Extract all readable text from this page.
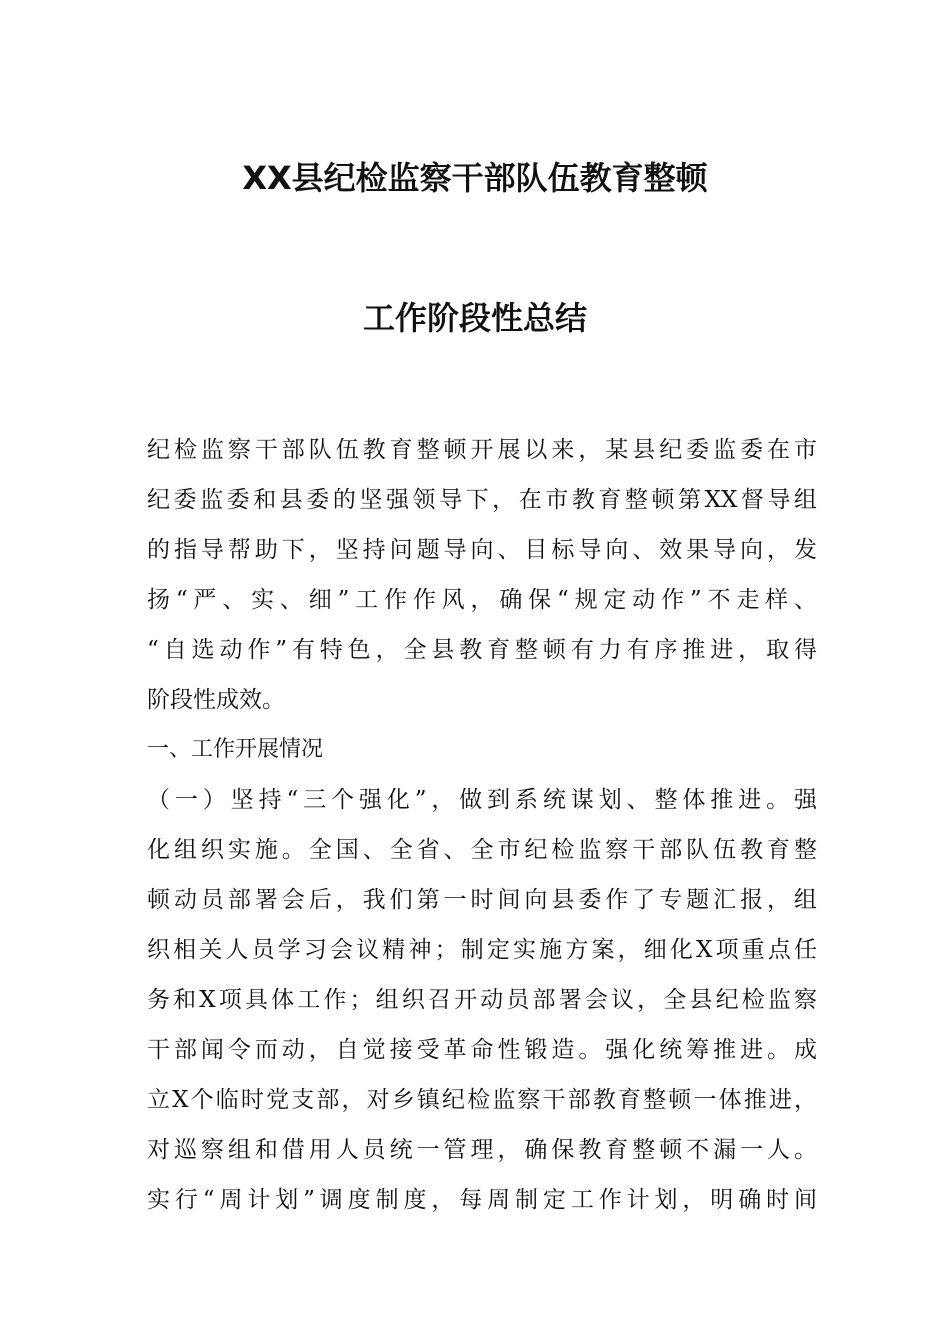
XX县纪检监察干部队伍教育整顿
工作阶段性总结
纪检监察干部队伍教育整顿开展以来，某县纪委监委在市
纪委监委和县委的坚强领导下，在市教育整顿第XX督导组
的指导帮助下，坚持问题导向、目标导向、效果导向，发
扬“严、实、细”工作作风，确保“规定动作”不走样、
“自选动作”有特色，全县教育整顿有力有序推进，取得
阶段性成效。
一、工作开展情况
（一）坚持“三个强化”，做到系统谋划、整体推进。强
化组织实施。全国、全省、全市纪检监察干部队伍教育整
顿动员部署会后，我们第一时间向县委作了专题汇报，组
织相关人员学习会议精神；制定实施方案，细化X项重点任
务和X项具体工作；组织召开动员部署会议，全县纪检监察
干部闻令而动，自觉接受革命性锻造。强化统筹推进。成
立X个临时党支部，对乡镇纪检监察干部教育整顿一体推进，
对巡察组和借用人员统一管理，确保教育整顿不漏一人。
实行“周计划”调度制度，每周制定工作计划，明确时间
